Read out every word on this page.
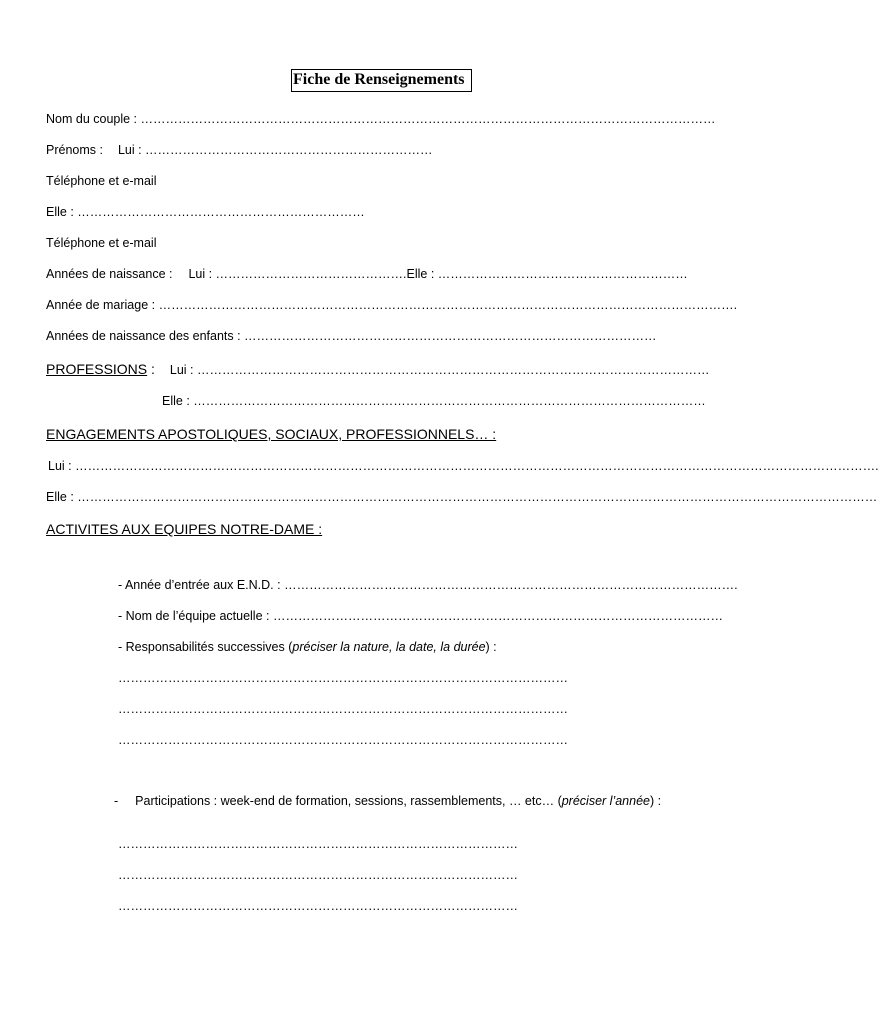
Fiche de Renseignements
Nom du couple : …………………………………………………………………………………………………………………………
Prénoms : Lui : ……………………………………………………………
Téléphone et e-mail
Elle : ……………………………………………………………
Téléphone et e-mail
Années de naissance : Lui : ……………………………………….Elle : ……………………………………………………
Année de mariage : ………………………………………………………………………………………………………………………….
Années de naissance des enfants : ………………………………………………………………………………………
PROFESSIONS : Lui : ……………………………………………………………………………………………………………
Elle : ……………………………………………………………………………………………………………
ENGAGEMENTS APOSTOLIQUES, SOCIAUX, PROFESSIONNELS… :
Lui : ………………………………………………………………………………………………………………………………………………………………………….
Elle : …………………………………………………………………………………………………………………………………………………………………………
ACTIVITES AUX EQUIPES NOTRE-DAME :
- Année d’entrée aux E.N.D. : ……………………………………………………………………………………………….
- Nom de l’équipe actuelle : ………………………………………………………………………………………………
- Responsabilités successives (préciser la nature, la date, la durée) :
………………………………………………………………………………………………
………………………………………………………………………………………………
………………………………………………………………………………………………
- Participations : week-end de formation, sessions, rassemblements, … etc… (préciser l’année) :
……………………………………………………………………………………
……………………………………………………………………………………
……………………………………………………………………………………
